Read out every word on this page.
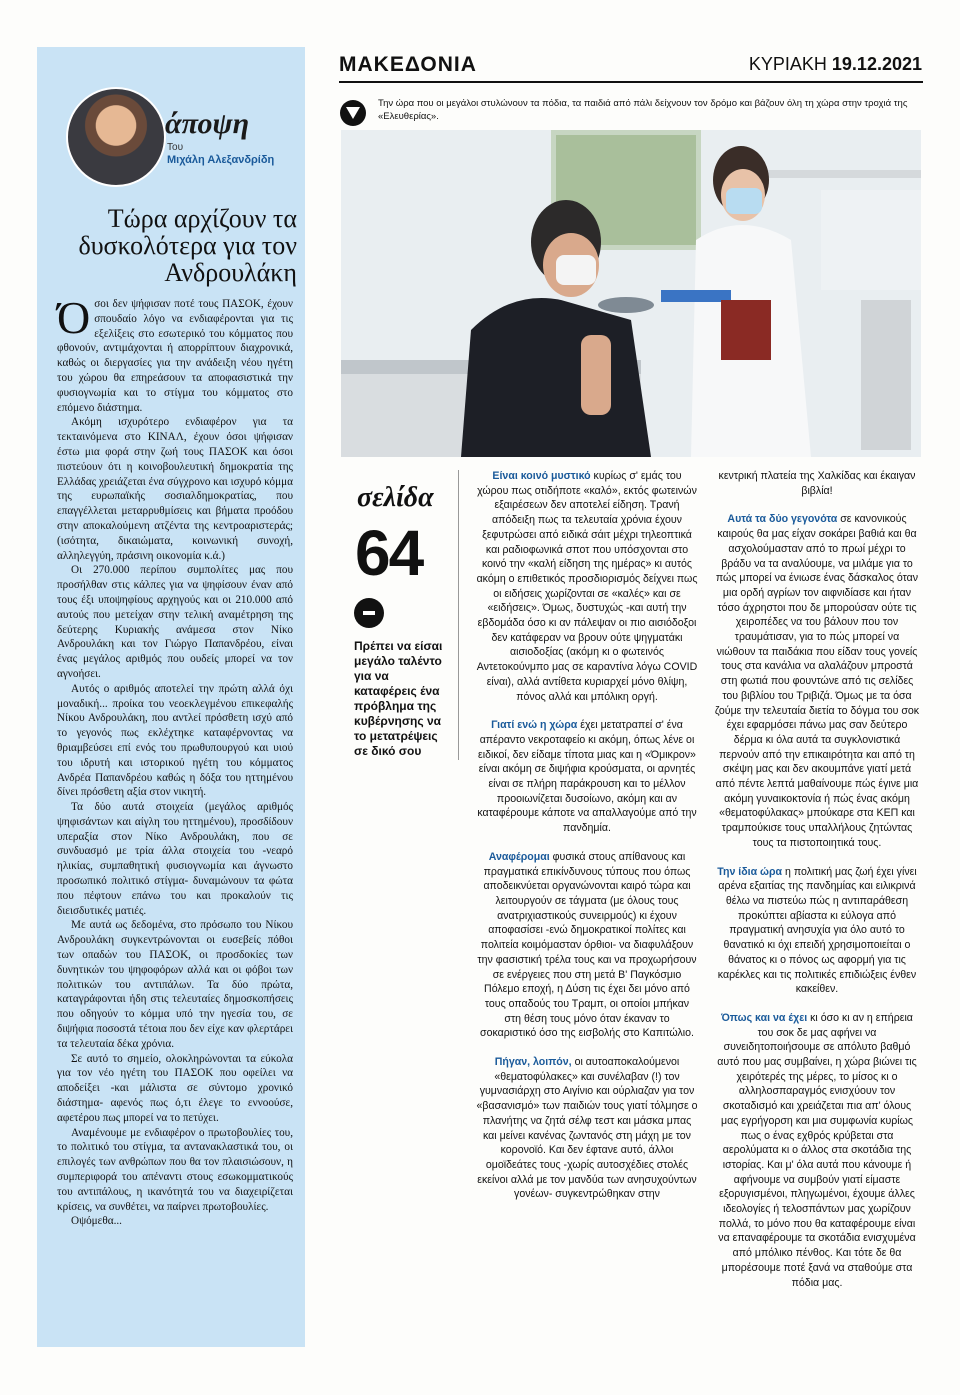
άποψη
Του
Μιχάλη Αλεξανδρίδη
Τώρα αρχίζουν τα δυσκολότερα για τον Ανδρουλάκη

Όσοι δεν ψήφισαν ποτέ τους ΠΑΣΟΚ, έχουν σπουδαίο λόγο να ενδιαφέρονται για τις εξελίξεις στο εσωτερικό του κόμματος που φθονούν, αντιμάχονται ή απορρίπτουν διαχρονικά, καθώς οι διεργασίες για την ανάδειξη νέου ηγέτη του χώρου θα επηρεάσουν τα αποφασιστικά την φυσιογνωμία και το στίγμα του κόμματος στο επόμενο διάστημα.

Ακόμη ισχυρότερο ενδιαφέρον για τα τεκταινόμενα στο ΚΙΝΑΛ, έχουν όσοι ψήφισαν έστω μια φορά στην ζωή τους ΠΑΣΟΚ και όσοι πιστεύουν ότι η κοινοβουλευτική δημοκρατία της Ελλάδας χρειάζεται ένα σύγχρονο και ισχυρό κόμμα της ευρωπαϊκής σοσιαλδημοκρατίας, που επαγγέλλεται μεταρρυθμίσεις και βήματα προόδου στην αποκαλούμενη ατζέντα της κεντροαριστεράς; (ισότητα, δικαιώματα, κοινωνική συνοχή, αλληλεγγύη, πράσινη οικονομία κ.ά.)

Οι 270.000 περίπου συμπολίτες μας που προσήλθαν στις κάλπες για να ψηφίσουν έναν από τους έξι υποψηφίους αρχηγούς και οι 210.000 από αυτούς που μετείχαν στην τελική αναμέτρηση της δεύτερης Κυριακής ανάμεσα στον Νίκο Ανδρουλάκη και τον Γιώργο Παπανδρέου, είναι ένας μεγάλος αριθμός που ουδείς μπορεί να τον αγνοήσει.

Αυτός ο αριθμός αποτελεί την πρώτη αλλά όχι μοναδική... προίκα του νεοεκλεγμένου επικεφαλής Νίκου Ανδρουλάκη, που αντλεί πρόσθετη ισχύ από το γεγονός πως εκλέχτηκε καταφέρνοντας να θριαμβεύσει επί ενός του πρωθυπουργού και υιού του ιδρυτή και ιστορικού ηγέτη του κόμματος Ανδρέα Παπανδρέου καθώς η δόξα του ηττημένου δίνει πρόσθετη αξία στον νικητή.

Τα δύο αυτά στοιχεία (μεγάλος αριθμός ψηφισάντων και αίγλη του ηττημένου), προσδίδουν υπεραξία στον Νίκο Ανδρουλάκη, που σε συνδυασμό με τρία άλλα στοιχεία του -νεαρό ηλικίας, συμπαθητική φυσιογνωμία και άγνωστο προσωπικό πολιτικό στίγμα- δυναμώνουν τα φώτα που πέφτουν επάνω του και προκαλούν τις διεισδυτικές ματιές.

Με αυτά ως δεδομένα, στο πρόσωπο του Νίκου Ανδρουλάκη συγκεντρώνονται οι ευσεβείς πόθοι των οπαδών του ΠΑΣΟΚ, οι προσδοκίες των δυνητικών του ψηφοφόρων αλλά και οι φόβοι των πολιτικών του αντιπάλων. Τα δύο πρώτα, καταγράφονται ήδη στις τελευταίες δημοσκοπήσεις που οδηγούν το κόμμα υπό την ηγεσία του, σε διψήφια ποσοστά τέτοια που δεν είχε καν φλερτάρει τα τελευταία δέκα χρόνια.

Σε αυτό το σημείο, ολοκληρώνονται τα εύκολα για τον νέο ηγέτη του ΠΑΣΟΚ που οφείλει να αποδείξει -και μάλιστα σε σύντομο χρονικό διάστημα- αφενός πως ό,τι έλεγε το εννοούσε, αφετέρου πως μπορεί να το πετύχει.

Αναμένουμε με ενδιαφέρον ο πρωτοβουλίες του, το πολιτικό του στίγμα, τα αντανακλαστικά του, οι επιλογές των ανθρώπων που θα τον πλαισιώσουν, η συμπεριφορά του απέναντι στους εσωκομματικούς του αντιπάλους, η ικανότητά του να διαχειρίζεται κρίσεις, να συνθέτει, να παίρνει πρωτοβουλίες.

Οψόμεθα...

ΜΑΚΕΔΟΝΙΑ	ΚΥΡΙΑΚΗ 19.12.2021

Την ώρα που οι μεγάλοι στυλώνουν τα πόδια, τα παιδιά από πάλι δείχνουν τον δρόμο και βάζουν όλη τη χώρα στην τροχιά της «Ελευθερίας».

σελίδα
64

Πρέπει να είσαι μεγάλο ταλέντο για να καταφέρεις ένα πρόβλημα της κυβέρνησης να το μετατρέψεις σε δικό σου

Είναι κοινό μυστικό κυρίως σ' εμάς του χώρου πως οτιδήποτε «καλό», εκτός φωτεινών εξαιρέσεων δεν αποτελεί είδηση. Τρανή απόδειξη πως τα τελευταία χρόνια έχουν ξεφυτρώσει από ειδικά σάιτ μέχρι τηλεοπτικά και ραδιοφωνικά σποτ που υπόσχονται στο κοινό την «καλή είδηση της ημέρας» κι αυτός ακόμη ο επιθετικός προσδιορισμός δείχνει πως οι ειδήσεις χωρίζονται σε «καλές» και σε «ειδήσεις». Όμως, δυστυχώς -και αυτή την εβδομάδα όσο κι αν πάλεψαν οι πιο αισιόδοξοι δεν κατάφεραν να βρουν ούτε ψηγματάκι αισιοδοξίας (ακόμη κι ο φωτεινός Αντετοκούνμπο μας σε καραντίνα λόγω COVID είναι), αλλά αντίθετα κυριαρχεί μόνο θλίψη, πόνος αλλά και μπόλικη οργή.

Γιατί ενώ η χώρα έχει μετατραπεί σ' ένα απέραντο νεκροταφείο κι ακόμη, όπως λένε οι ειδικοί, δεν είδαμε τίποτα μιας και η «Όμικρον» είναι ακόμη σε διψήφια κρούσματα, οι αρνητές είναι σε πλήρη παράκρουση και το μέλλον προοιωνίζεται δυσοίωνο, ακόμη και αν καταφέρουμε κάποτε να απαλλαγούμε από την πανδημία.

Αναφέρομαι φυσικά στους απίθανους και πραγματικά επικίνδυνους τύπους που όπως αποδεικνύεται οργανώνονται καιρό τώρα και λειτουργούν σε τάγματα (με όλους τους ανατριχιαστικούς συνειρμούς) κι έχουν αποφασίσει -ενώ δημοκρατικοί πολίτες και πολιτεία κοιμόμασταν όρθιοι- να διαφυλάξουν την φασιστική τρέλα τους και να προχωρήσουν σε ενέργειες που στη μετά Β' Παγκόσμιο Πόλεμο εποχή, η Δύση τις έχει δει μόνο από τους οπαδούς του Τραμπ, οι οποίοι μπήκαν στη θέση τους μόνο όταν έκαναν το σοκαριστικό όσο της εισβολής στο Καπιτώλιο.

Πήγαν, λοιπόν, οι αυτοαποκαλούμενοι «θεματοφύλακες» και συνέλαβαν (!) τον γυμνασιάρχη στο Αιγίνιο και ούρλιαζαν για τον «βασανισμό» των παιδιών τους γιατί τόλμησε ο πλανήτης να ζητά σέλφ τεστ και μάσκα μπας και μείνει κανένας ζωντανός στη μάχη με τον κορονοϊό. Και δεν έφτανε αυτό, άλλοι ομοϊδεάτες τους -χωρίς αυτοσχέδιες στολές εκείνοι αλλά με τον μανδύα των ανησυχούντων γονέων- συγκεντρώθηκαν στην

κεντρική πλατεία της Χαλκίδας και έκαιγαν βιβλία!

Αυτά τα δύο γεγονότα σε κανονικούς καιρούς θα μας είχαν σοκάρει βαθιά και θα ασχολούμασταν από το πρωί μέχρι το βράδυ να τα αναλύουμε, να μιλάμε για το πώς μπορεί να ένιωσε ένας δάσκαλος όταν μια ορδή αγρίων τον αιφνιδίασε και ήταν τόσο άχρηστοι που δε μπορούσαν ούτε τις χειροπέδες να του βάλουν που τον τραυμάτισαν, για το πώς μπορεί να νιώθουν τα παιδάκια που είδαν τους γονείς τους στα κανάλια να αλαλάζουν μπροστά στη φωτιά που φουντώνε από τις σελίδες του βιβλίου του Τριβιζά. Όμως με τα όσα ζούμε την τελευταία διετία το δόγμα του σοκ έχει εφαρμόσει πάνω μας σαν δεύτερο δέρμα κι όλα αυτά τα συγκλονιστικά περνούν από την επικαιρότητα και από τη σκέψη μας και δεν ακουμπάνε γιατί μετά από πέντε λεπτά μαθαίνουμε πώς έγινε μια ακόμη γυναικοκτονία ή πώς ένας ακόμη «θεματοφύλακας» μπούκαρε στα ΚΕΠ και τραμπούκισε τους υπαλλήλους ζητώντας τους τα πιστοποιητικά τους.

Την ίδια ώρα η πολιτική μας ζωή έχει γίνει αρένα εξαιτίας της πανδημίας και ειλικρινά θέλω να πιστεύω πώς η αντιπαράθεση προκύπτει αβίαστα κι εύλογα από πραγματική ανησυχία για όλο αυτό το θανατικό κι όχι επειδή χρησιμοποιείται ο θάνατος κι ο πόνος ως αφορμή για τις καρέκλες και τις πολιτικές επιδιώξεις ένθεν κακείθεν.

Όπως και να έχει κι όσο κι αν η επήρεια του σοκ δε μας αφήνει να συνειδητοποιήσουμε σε απόλυτο βαθμό αυτό που μας συμβαίνει, η χώρα βιώνει τις χειρότερές της μέρες, το μίσος κι ο αλληλοσπαραγμός ενισχύουν τον σκοταδισμό και χρειάζεται πια απ' όλους μας εγρήγορση και μια συμφωνία κυρίως πως ο ένας εχθρός κρύβεται στα αερολύματα κι ο άλλος στα σκοτάδια της ιστορίας. Και μ' όλα αυτά που κάνουμε ή αφήνουμε να συμβούν γιατί είμαστε εξορυγισμένοι, πληγωμένοι, έχουμε άλλες ιδεολογίες ή τελοσπάντων μας χωρίζουν πολλά, το μόνο που θα καταφέρουμε είναι να επαναφέρουμε τα σκοτάδια ενισχυμένα από μπόλικο πένθος. Και τότε δε θα μπορέσουμε ποτέ ξανά να σταθούμε στα πόδια μας.
